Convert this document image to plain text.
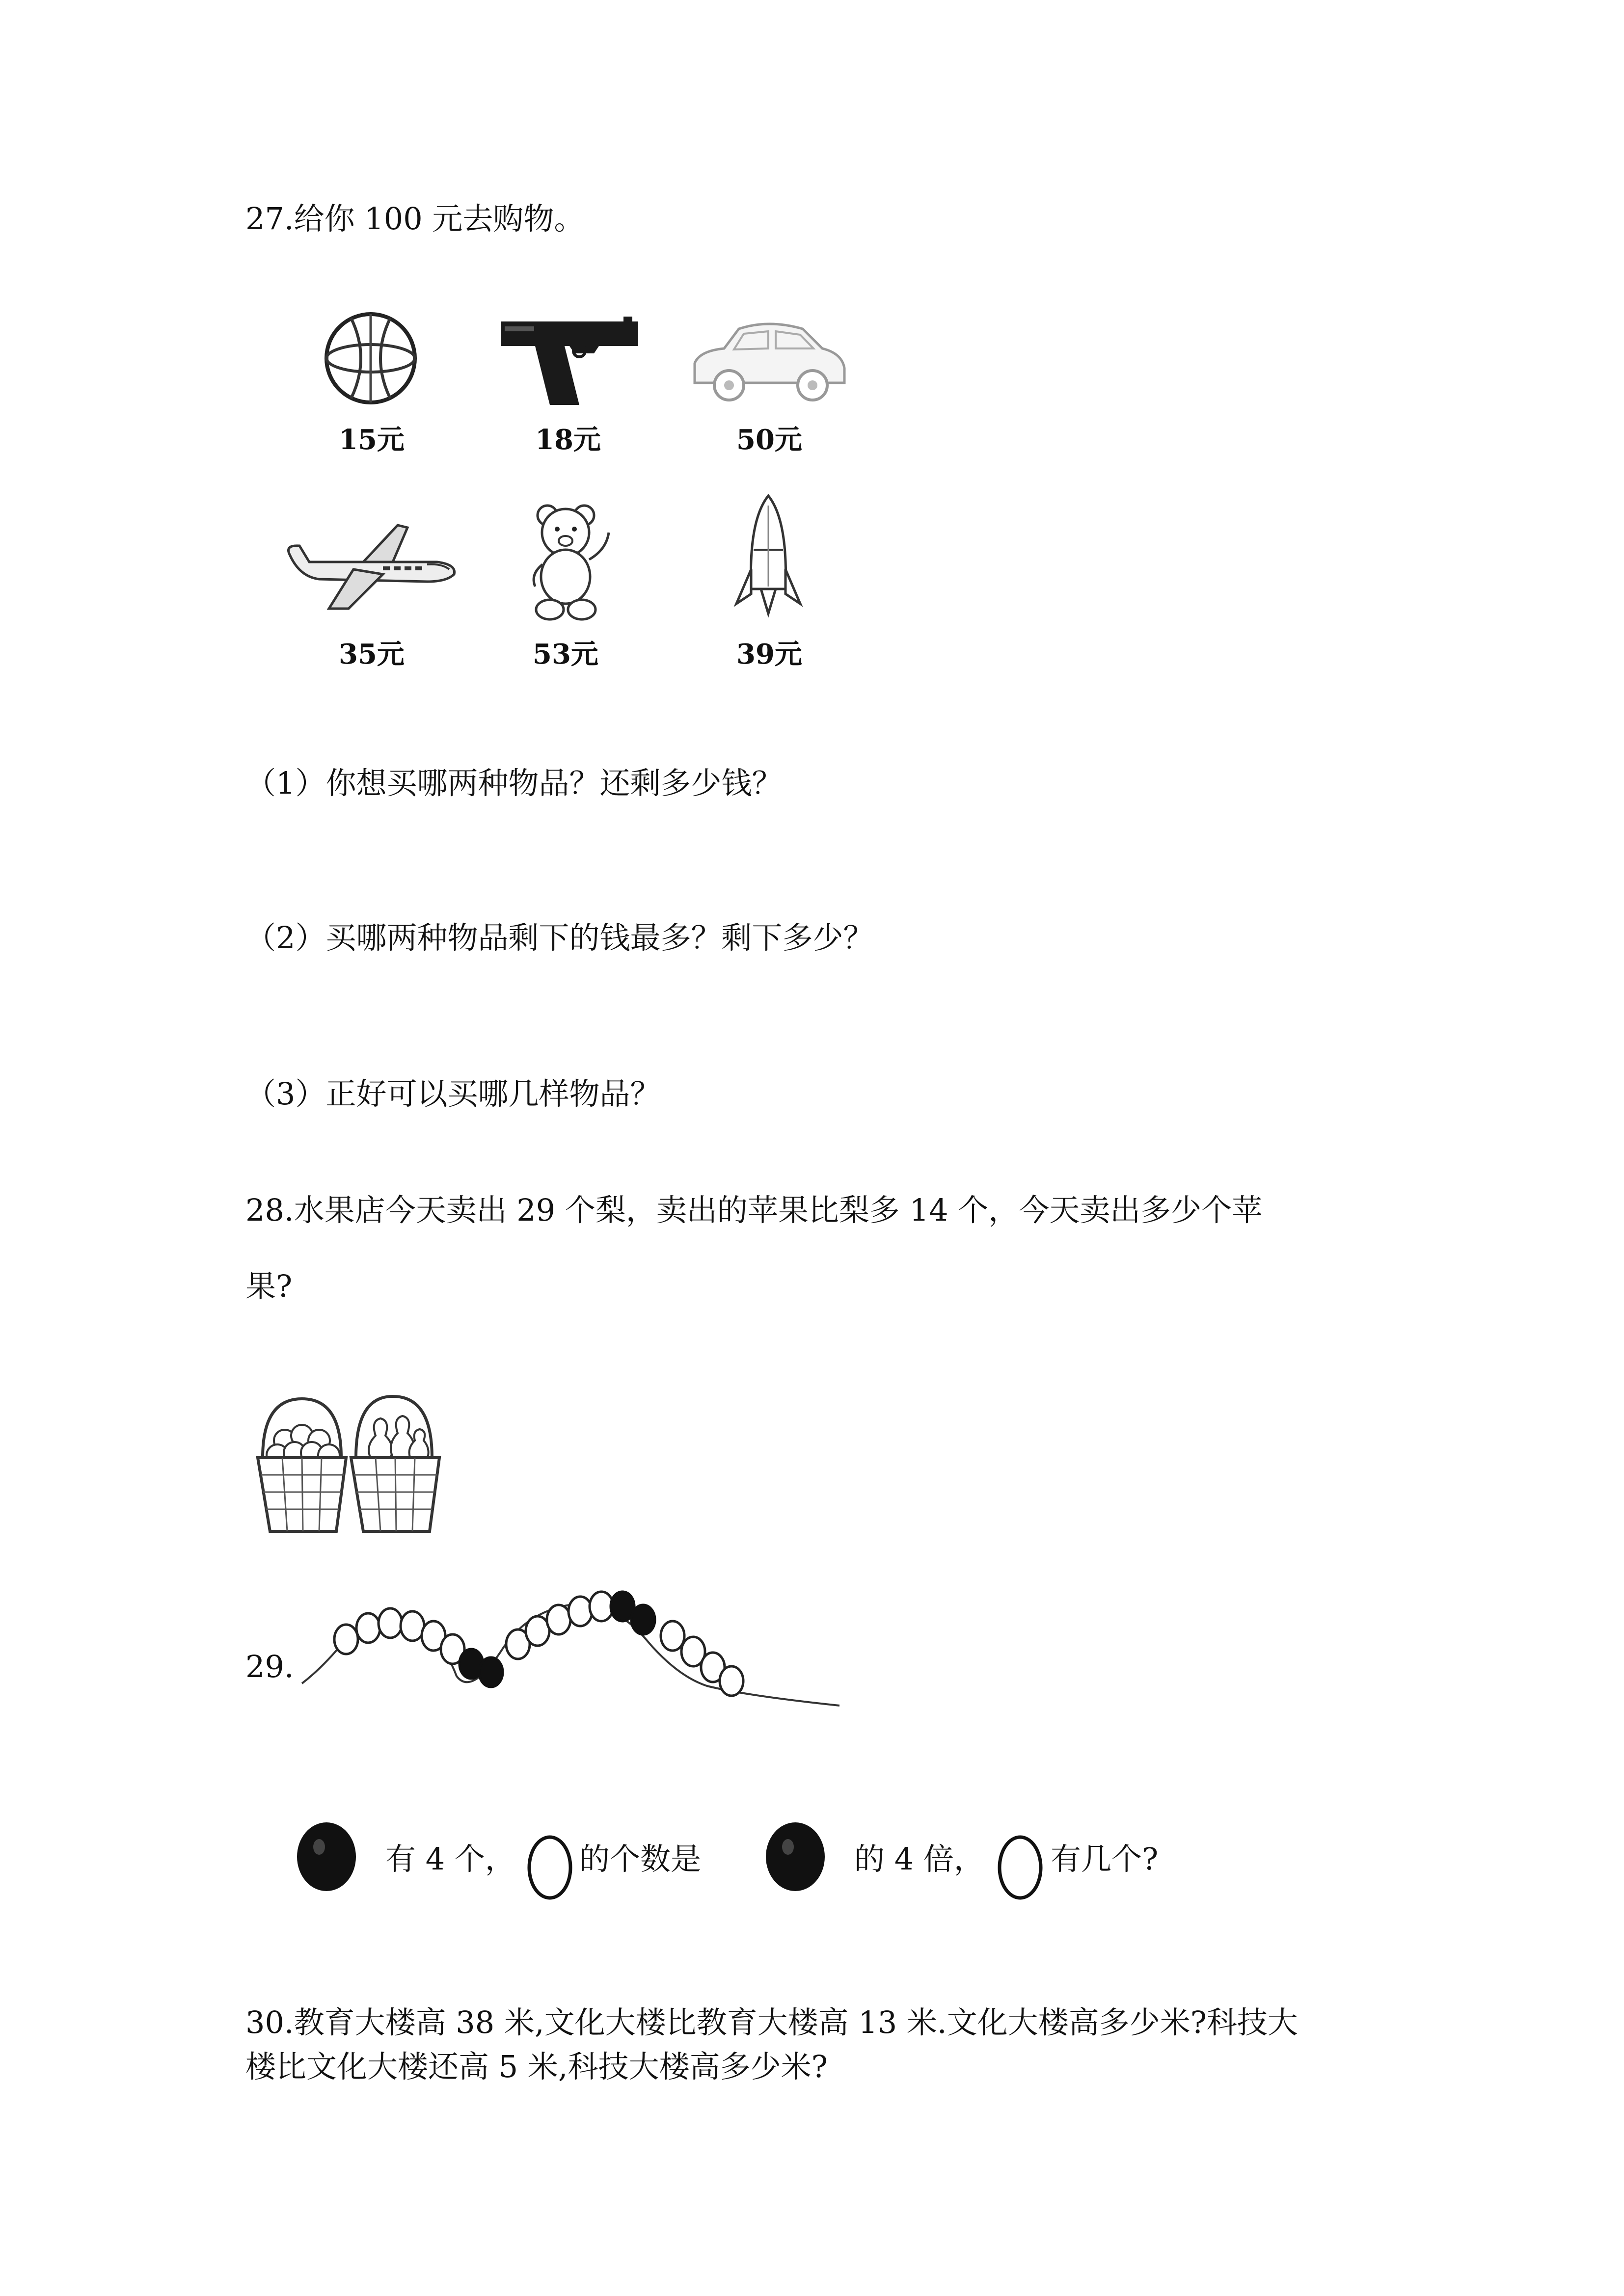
27.给你 100 元去购物。
15元	18元	50元
35元	53元	39元
（1）你想买哪两种物品？还剩多少钱？
（2）买哪两种物品剩下的钱最多？剩下多少？
（3）正好可以买哪几样物品？
28.水果店今天卖出 29 个梨，卖出的苹果比梨多 14 个，今天卖出多少个苹
果?
29.
有 4 个， 的个数是	的 4 倍， 有几个?
30.教育大楼高 38 米,文化大楼比教育大楼高 13 米.文化大楼高多少米?科技大
楼比文化大楼还高 5 米,科技大楼高多少米?
